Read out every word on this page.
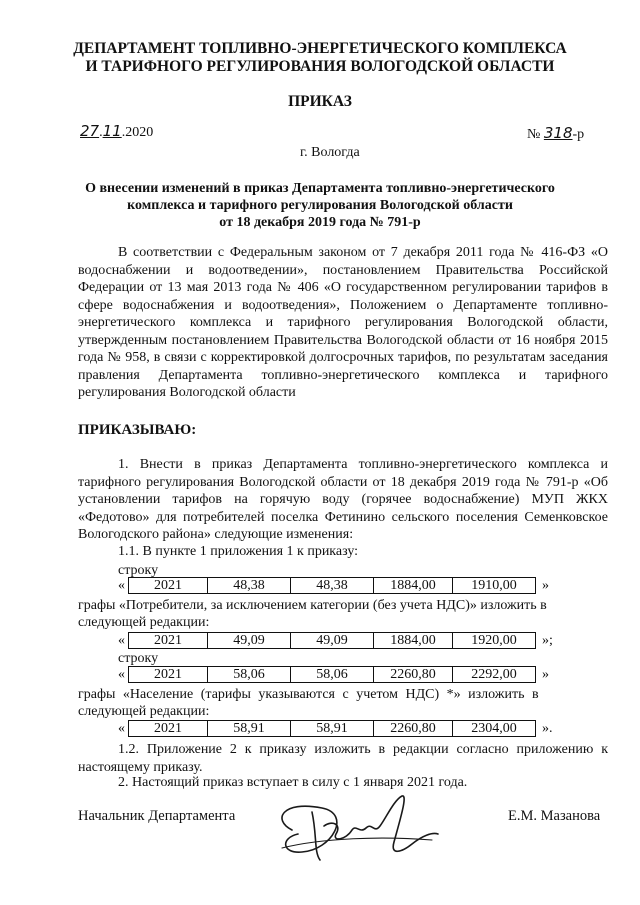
ДЕПАРТАМЕНТ ТОПЛИВНО-ЭНЕРГЕТИЧЕСКОГО КОМПЛЕКСА
И ТАРИФНОГО РЕГУЛИРОВАНИЯ ВОЛОГОДСКОЙ ОБЛАСТИ
ПРИКАЗ
27.11.2020	№ 318-р
г. Вологда
О внесении изменений в приказ Департамента топливно-энергетического
комплекса и тарифного регулирования Вологодской области
от 18 декабря 2019 года № 791-р

В соответствии с Федеральным законом от 7 декабря 2011 года № 416-ФЗ «О водоснабжении и водоотведении», постановлением Правительства Российской Федерации от 13 мая 2013 года № 406 «О государственном регулировании тарифов в сфере водоснабжения и водоотведения», Положением о Департаменте топливно-энергетического комплекса и тарифного регулирования Вологодской области, утвержденным постановлением Правительства Вологодской области от 16 ноября 2015 года № 958, в связи с корректировкой долгосрочных тарифов, по результатам заседания правления Департамента топливно-энергетического комплекса и тарифного регулирования Вологодской области

ПРИКАЗЫВАЮ:

1. Внести в приказ Департамента топливно-энергетического комплекса и тарифного регулирования Вологодской области от 18 декабря 2019 года № 791-р «Об установлении тарифов на горячую воду (горячее водоснабжение) МУП ЖКХ «Федотово» для потребителей поселка Фетинино сельского поселения Семенковское Вологодского района» следующие изменения:

1.1. В пункте 1 приложения 1 к приказу:
строку
« 2021	48,38	48,38	1884,00	1910,00 »
графы «Потребители, за исключением категории (без учета НДС)» изложить в
следующей редакции:
« 2021	49,09	49,09	1884,00	1920,00 »;
строку
« 2021	58,06	58,06	2260,80	2292,00 »
графы «Население (тарифы указываются с учетом НДС) *» изложить в
следующей редакции:
« 2021	58,91	58,91	2260,80	2304,00 ».

1.2. Приложение 2 к приказу изложить в редакции согласно приложению к настоящему приказу.

2. Настоящий приказ вступает в силу с 1 января 2021 года.
Начальник Департамента	Е.М. Мазанова
